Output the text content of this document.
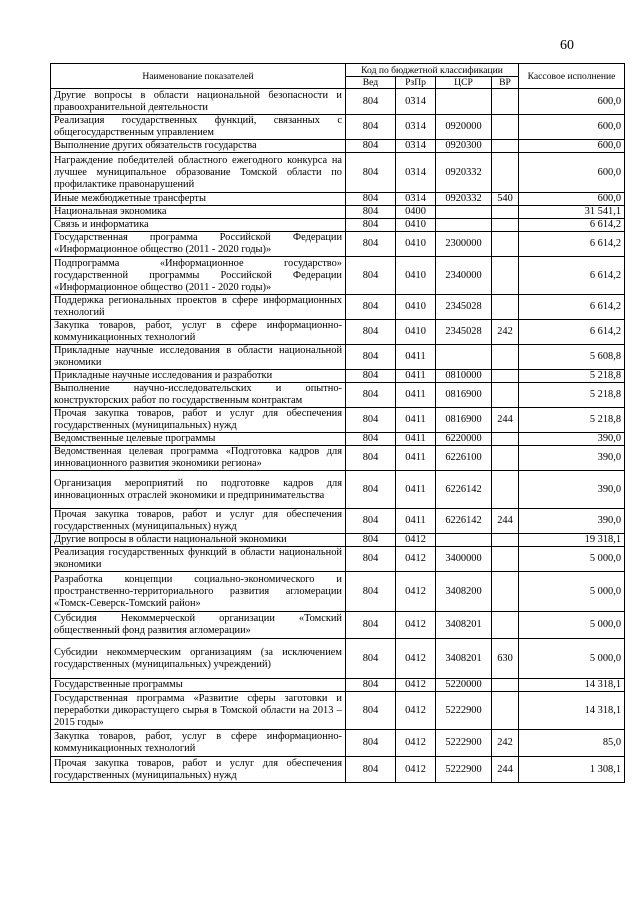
60
Наименование показателей	Код по бюджетной классификации				Кассовое исполнение
	Вед	РзПр	ЦСР	ВР	
Другие вопросы в области национальной безопасности и правоохранительной деятельности	804	0314			600,0
Реализация государственных функций, связанных с общегосударственным управлением	804	0314	0920000		600,0
Выполнение других обязательств государства	804	0314	0920300		600,0
Награждение победителей областного ежегодного конкурса на лучшее муниципальное образование Томской области по профилактике правонарушений	804	0314	0920332		600,0
Иные межбюджетные трансферты	804	0314	0920332	540	600,0
Национальная экономика	804	0400			31 541,1
Связь и информатика	804	0410			6 614,2
Государственная программа Российской Федерации «Информационное общество (2011 - 2020 годы)»	804	0410	2300000		6 614,2
Подпрограмма «Информационное государство» государственной программы Российской Федерации «Информационное общество (2011 - 2020 годы)»	804	0410	2340000		6 614,2
Поддержка региональных проектов в сфере информационных технологий	804	0410	2345028		6 614,2
Закупка товаров, работ, услуг в сфере информационно-коммуникационных технологий	804	0410	2345028	242	6 614,2
Прикладные научные исследования в области национальной экономики	804	0411			5 608,8
Прикладные научные исследования и разработки	804	0411	0810000		5 218,8
Выполнение научно-исследовательских и опытно-конструкторских работ по государственным контрактам	804	0411	0816900		5 218,8
Прочая закупка товаров, работ и услуг для обеспечения государственных (муниципальных) нужд	804	0411	0816900	244	5 218,8
Ведомственные целевые программы	804	0411	6220000		390,0
Ведомственная целевая программа «Подготовка кадров для инновационного развития экономики региона»	804	0411	6226100		390,0
Организация мероприятий по подготовке кадров для инновационных отраслей экономики и предпринимательства	804	0411	6226142		390,0
Прочая закупка товаров, работ и услуг для обеспечения государственных (муниципальных) нужд	804	0411	6226142	244	390,0
Другие вопросы в области национальной экономики	804	0412			19 318,1
Реализация государственных функций в области национальной экономики	804	0412	3400000		5 000,0
Разработка концепции социально-экономического и пространственно-территориального развития агломерации «Томск-Северск-Томский район»	804	0412	3408200		5 000,0
Субсидия Некоммерческой организации «Томский общественный фонд развития агломерации»	804	0412	3408201		5 000,0
Субсидии некоммерческим организациям (за исключением государственных (муниципальных) учреждений)	804	0412	3408201	630	5 000,0
Государственные программы	804	0412	5220000		14 318,1
Государственная программа «Развитие сферы заготовки и переработки дикорастущего сырья в Томской области на 2013 – 2015 годы»	804	0412	5222900		14 318,1
Закупка товаров, работ, услуг в сфере информационно-коммуникационных технологий	804	0412	5222900	242	85,0
Прочая закупка товаров, работ и услуг для обеспечения государственных (муниципальных) нужд	804	0412	5222900	244	1 308,1
